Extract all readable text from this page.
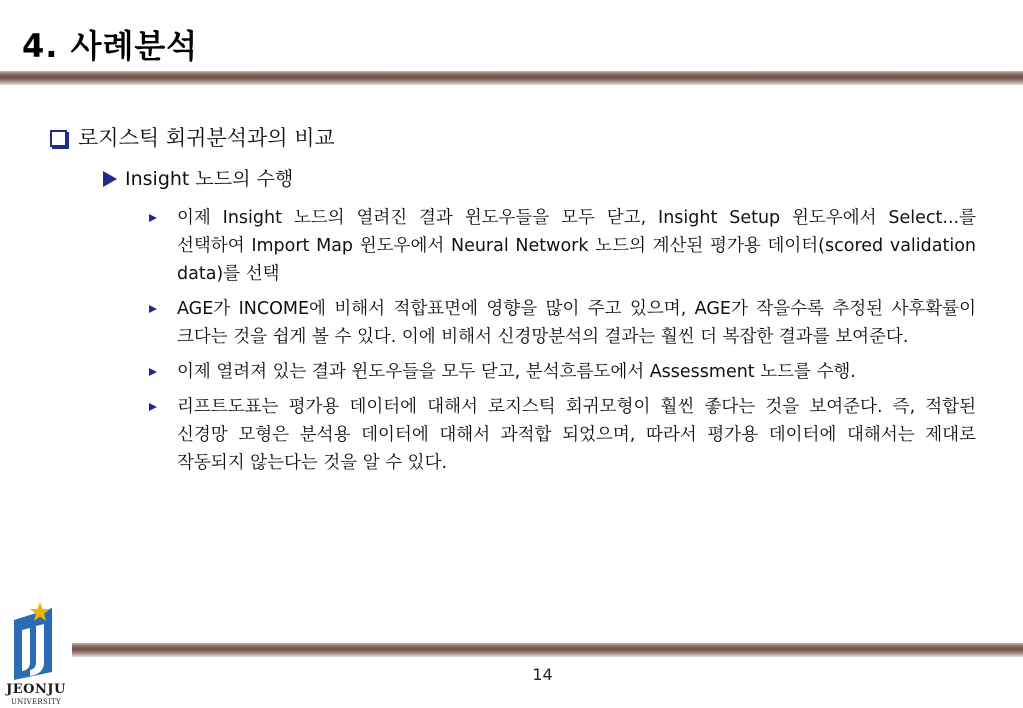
4. 사례분석
로지스틱 회귀분석과의 비교
Insight 노드의 수행
이제 Insight 노드의 열려진 결과 윈도우들을 모두 닫고, Insight Setup 윈도우에서 Select...를 선택하여 Import Map 윈도우에서 Neural Network 노드의 계산된 평가용 데이터(scored validation data)를 선택
AGE가 INCOME에 비해서 적합표면에 영향을 많이 주고 있으며, AGE가 작을수록 추정된 사후확률이 크다는 것을 쉽게 볼 수 있다. 이에 비해서 신경망분석의 결과는 훨씬 더 복잡한 결과를 보여준다.
이제 열려져 있는 결과 윈도우들을 모두 닫고, 분석흐름도에서 Assessment 노드를 수행.
리프트도표는 평가용 데이터에 대해서 로지스틱 회귀모형이 훨씬 좋다는 것을 보여준다. 즉, 적합된 신경망 모형은 분석용 데이터에 대해서 과적합 되었으며, 따라서 평가용 데이터에 대해서는 제대로 작동되지 않는다는 것을 알 수 있다.
JEONJU
UNIVERSITY
14
